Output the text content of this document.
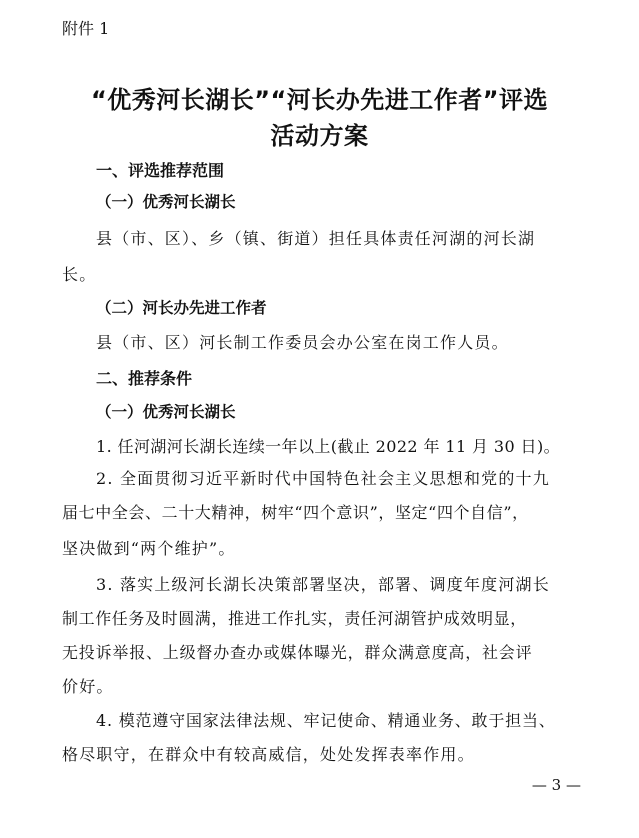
附件 1
“优秀河长湖长”“河长办先进工作者”评选
活动方案
一、评选推荐范围
（一）优秀河长湖长
县（市、区）、乡（镇、街道）担任具体责任河湖的河长湖
长。
（二）河长办先进工作者
县（市、区）河长制工作委员会办公室在岗工作人员。
二、推荐条件
（一）优秀河长湖长
1. 任河湖河长湖长连续一年以上(截止 2022 年 11 月 30 日)。
2. 全面贯彻习近平新时代中国特色社会主义思想和党的十九
届七中全会、二十大精神，树牢“四个意识”，坚定“四个自信”，
坚决做到“两个维护”。
3. 落实上级河长湖长决策部署坚决，部署、调度年度河湖长
制工作任务及时圆满，推进工作扎实，责任河湖管护成效明显，
无投诉举报、上级督办查办或媒体曝光，群众满意度高，社会评
价好。
4. 模范遵守国家法律法规、牢记使命、精通业务、敢于担当、
格尽职守，在群众中有较高威信，处处发挥表率作用。
— 3 —
